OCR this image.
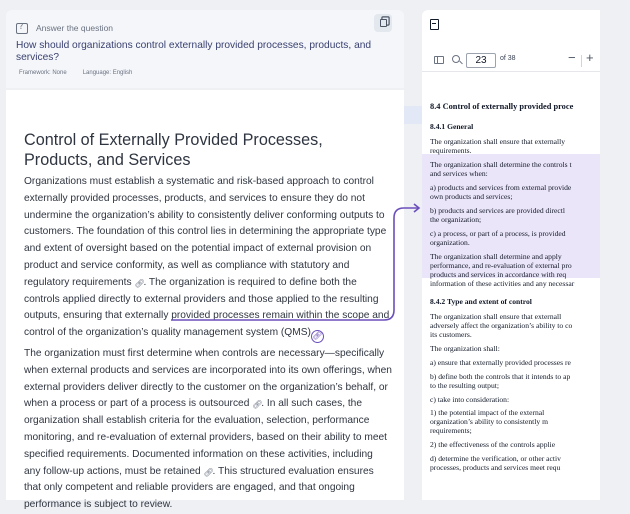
?
Answer the question
How should organizations control externally provided processes, products, and services?
Framework: None	Language: English
Control of Externally Provided Processes, Products, and Services
Organizations must establish a systematic and risk-based approach to control externally provided processes, products, and services to ensure they do not undermine the organization’s ability to consistently deliver conforming outputs to customers. The foundation of this control lies in determining the appropriate type and extent of oversight based on the potential impact of external provision on product and service conformity, as well as compliance with statutory and regulatory requirements 🔗︎. The organization is required to define both the controls applied directly to external providers and those applied to the resulting outputs, ensuring that externally provided processes remain within the scope and control of the organization’s quality management system (QMS)🔗︎
The organization must first determine when controls are necessary—specifically when external products and services are incorporated into its own offerings, when external providers deliver directly to the customer on the organization’s behalf, or when a process or part of a process is outsourced 🔗︎. In all such cases, the organization shall establish criteria for the evaluation, selection, performance monitoring, and re-evaluation of external providers, based on their ability to meet specified requirements. Documented information on these activities, including any follow-up actions, must be retained 🔗︎. This structured evaluation ensures that only competent and reliable providers are engaged, and that ongoing performance is subject to review.
23
of 38	− +
8.4 Control of externally provided proce
8.4.1 General
The organization shall ensure that externally
requirements.
The organization shall determine the controls t
and services when:
a) products and services from external provide
own products and services;
b) products and services are provided directl
the organization;
c) a process, or part of a process, is provided
organization.
The organization shall determine and apply
performance, and re-evaluation of external pro
products and services in accordance with req
information of these activities and any necessar
8.4.2 Type and extent of control
The organization shall ensure that externall
adversely affect the organization’s ability to co
its customers.
The organization shall:
a) ensure that externally provided processes re
b) define both the controls that it intends to ap
to the resulting output;
c) take into consideration:
1) the potential impact of the external
organization’s ability to consistently m
requirements;
2) the effectiveness of the controls applie
d) determine the verification, or other activ
processes, products and services meet requ
